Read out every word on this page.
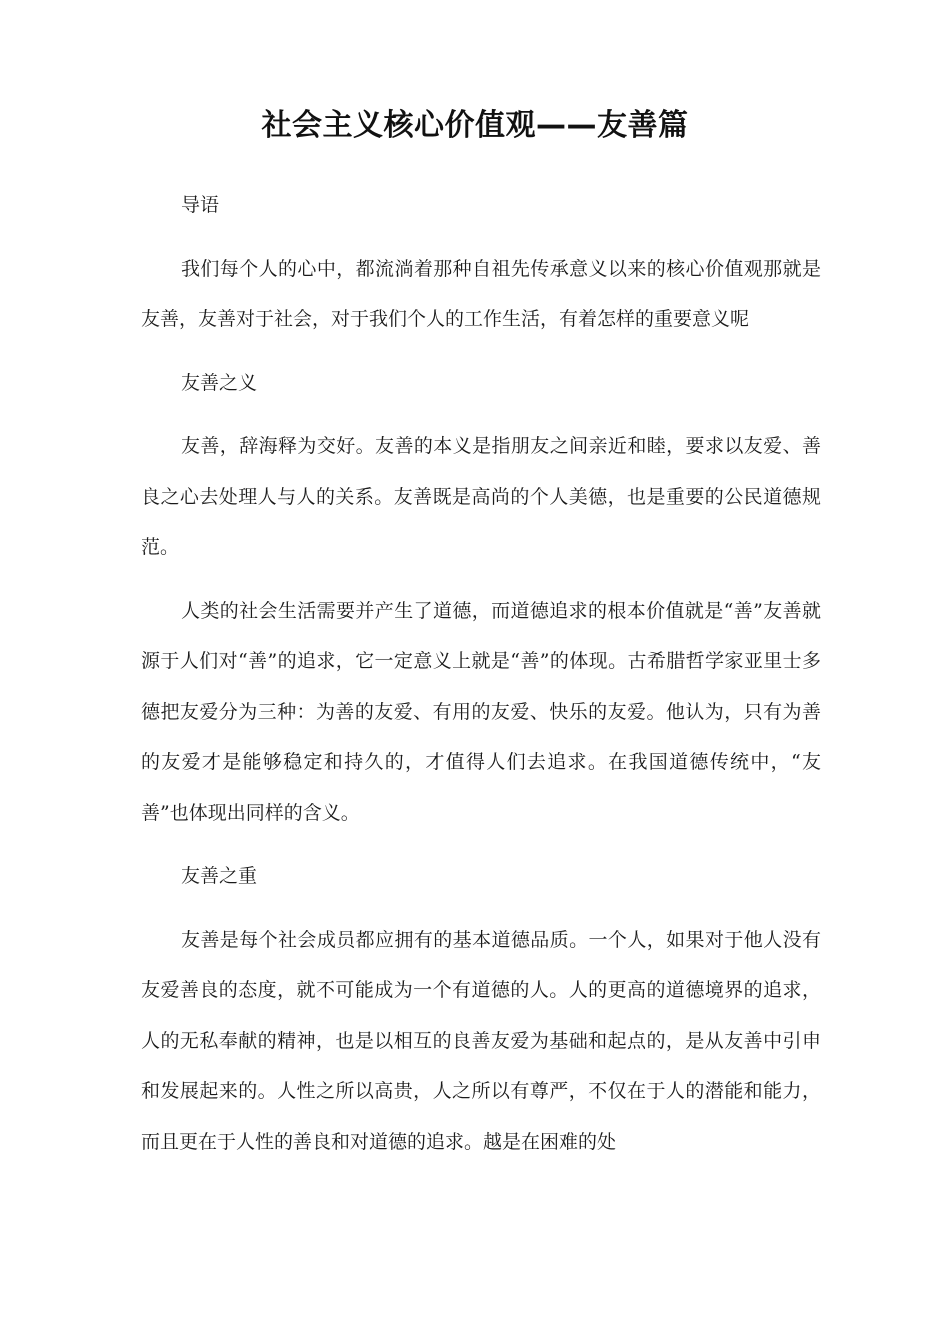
社会主义核心价值观——友善篇

导语

我们每个人的心中，都流淌着那种自祖先传承意义以来的核心价值观那就是友善，友善对于社会，对于我们个人的工作生活，有着怎样的重要意义呢

友善之义

友善，辞海释为交好。友善的本义是指朋友之间亲近和睦，要求以友爱、善良之心去处理人与人的关系。友善既是高尚的个人美德，也是重要的公民道德规范。

人类的社会生活需要并产生了道德，而道德追求的根本价值就是“善”友善就源于人们对“善”的追求，它一定意义上就是“善”的体现。古希腊哲学家亚里士多德把友爱分为三种：为善的友爱、有用的友爱、快乐的友爱。他认为，只有为善的友爱才是能够稳定和持久的，才值得人们去追求。在我国道德传统中，“友善”也体现出同样的含义。

友善之重

友善是每个社会成员都应拥有的基本道德品质。一个人，如果对于他人没有友爱善良的态度，就不可能成为一个有道德的人。人的更高的道德境界的追求，人的无私奉献的精神，也是以相互的良善友爱为基础和起点的，是从友善中引申和发展起来的。人性之所以高贵，人之所以有尊严，不仅在于人的潜能和能力，而且更在于人性的善良和对道德的追求。越是在困难的处
